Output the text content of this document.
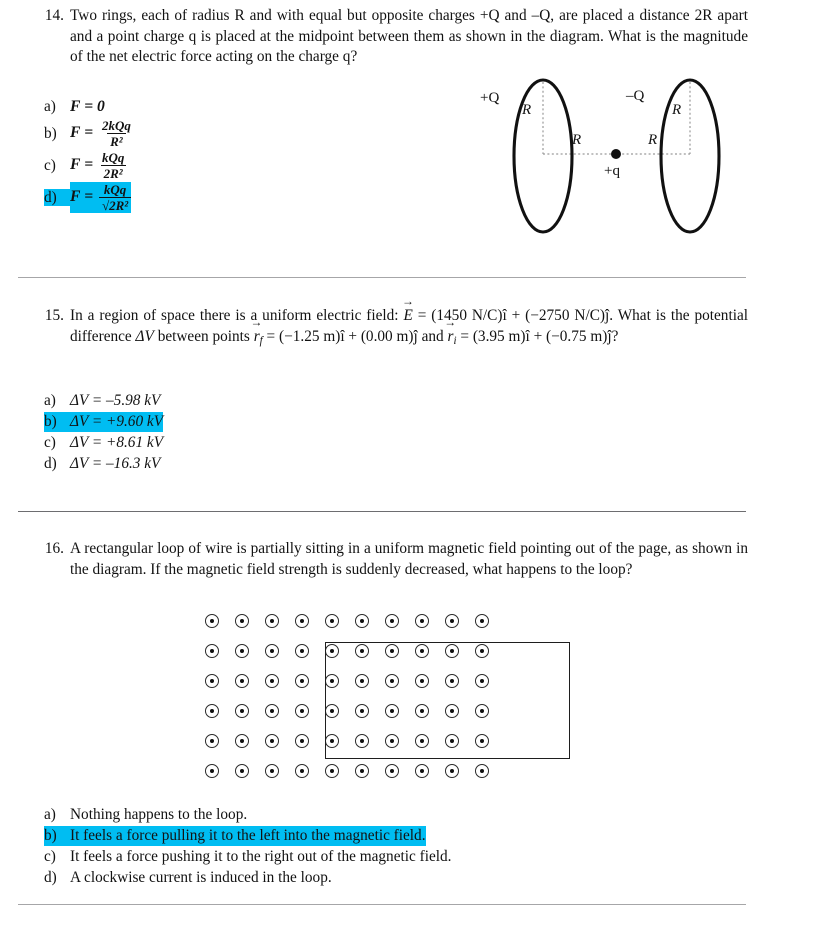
14. Two rings, each of radius R and with equal but opposite charges +Q and –Q, are placed a distance 2R apart and a point charge q is placed at the midpoint between them as shown in the diagram. What is the magnitude of the net electric force acting on the charge q?
a) F = 0
b) $F = \frac{\text{2kQq}}{\text{R²}}$
c) $F = \frac{\text{kQq}}{\text{2R²}}$
d) $F = \frac{\text{kQq}}{\text{√2R²}}$
+Q
R
–Q
R
R	R
+q
15. In a region of space there is a uniform electric field: → E = (1450 N/C)î + (−2750 N/C)ĵ. What is the potential difference ΔV between points → $r_f = (-1.25$ m)î + (0.00 m)ĵ and → $r_i = (3.95$ m)î + (−0.75 m)ĵ?
a) ΔV = –5.98 kV
b) ΔV = +9.60 kV
c) ΔV = +8.61 kV
d) ΔV = –16.3 kV
16. A rectangular loop of wire is partially sitting in a uniform magnetic field pointing out of the page, as shown in the diagram. If the magnetic field strength is suddenly decreased, what happens to the loop?
a) Nothing happens to the loop.
b) It feels a force pulling it to the left into the magnetic field.
c) It feels a force pushing it to the right out of the magnetic field.
d) A clockwise current is induced in the loop.
